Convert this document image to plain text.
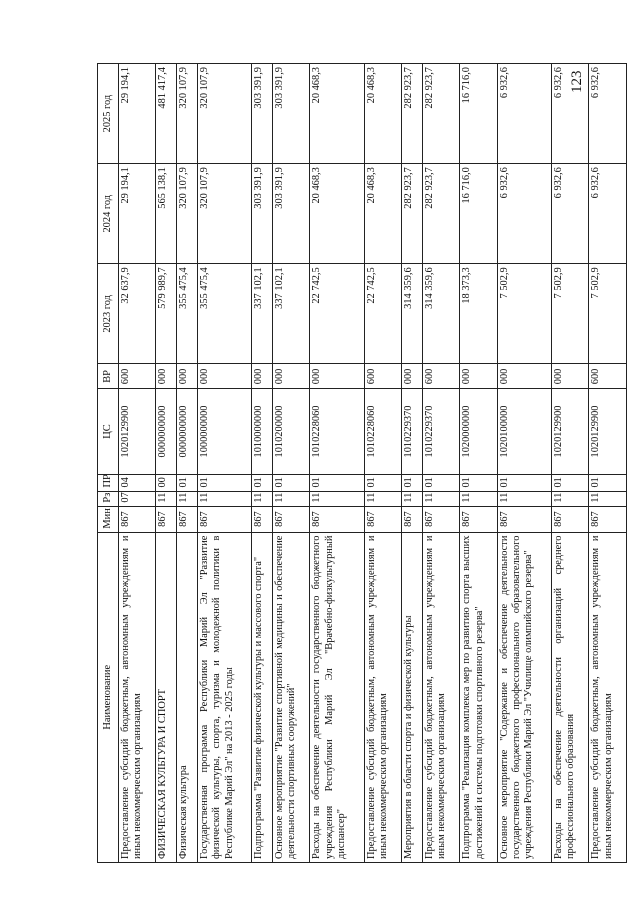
123
Наименование	Мин	Рз	ПР	ЦС	ВР	2023 год	2024 год	2025 год
Предоставление субсидий бюджетным, автономным учреждениям и иным некоммерческим организациям	867	07	04	1020129900	600	32 637,9	29 194,1	29 194,1
ФИЗИЧЕСКАЯ КУЛЬТУРА И СПОРТ	867	11	00	0000000000	000	579 989,7	565 138,1	481 417,4
Физическая культура	867	11	01	0000000000	000	355 475,4	320 107,9	320 107,9
Государственная программа Республики Марий Эл "Развитие физической культуры, спорта, туризма и молодежной политики в Республике Марий Эл" на 2013 - 2025 годы	867	11	01	1000000000	000	355 475,4	320 107,9	320 107,9
Подпрограмма "Развитие физической культуры и массового спорта"	867	11	01	1010000000	000	337 102,1	303 391,9	303 391,9
Основное мероприятие "Развитие спортивной медицины и обеспечение деятельности спортивных сооружений"	867	11	01	1010200000	000	337 102,1	303 391,9	303 391,9
Расходы на обеспечение деятельности государственного бюджетного учреждения Республики Марий Эл "Врачебно-физкультурный диспансер"	867	11	01	1010228060	000	22 742,5	20 468,3	20 468,3
Предоставление субсидий бюджетным, автономным учреждениям и иным некоммерческим организациям	867	11	01	1010228060	600	22 742,5	20 468,3	20 468,3
Мероприятия в области спорта и физической культуры	867	11	01	1010229370	000	314 359,6	282 923,7	282 923,7
Предоставление субсидий бюджетным, автономным учреждениям и иным некоммерческим организациям	867	11	01	1010229370	600	314 359,6	282 923,7	282 923,7
Подпрограмма "Реализация комплекса мер по развитию спорта высших достижений и системы подготовки спортивного резерва"	867	11	01	1020000000	000	18 373,3	16 716,0	16 716,0
Основное мероприятие "Содержание и обеспечение деятельности государственного бюджетного профессионального образовательного учреждения Республики Марий Эл "Училище олимпийского резерва"	867	11	01	1020100000	000	7 502,9	6 932,6	6 932,6
Расходы на обеспечение деятельности организаций среднего профессионального образования	867	11	01	1020129900	000	7 502,9	6 932,6	6 932,6
Предоставление субсидий бюджетным, автономным учреждениям и иным некоммерческим организациям	867	11	01	1020129900	600	7 502,9	6 932,6	6 932,6
